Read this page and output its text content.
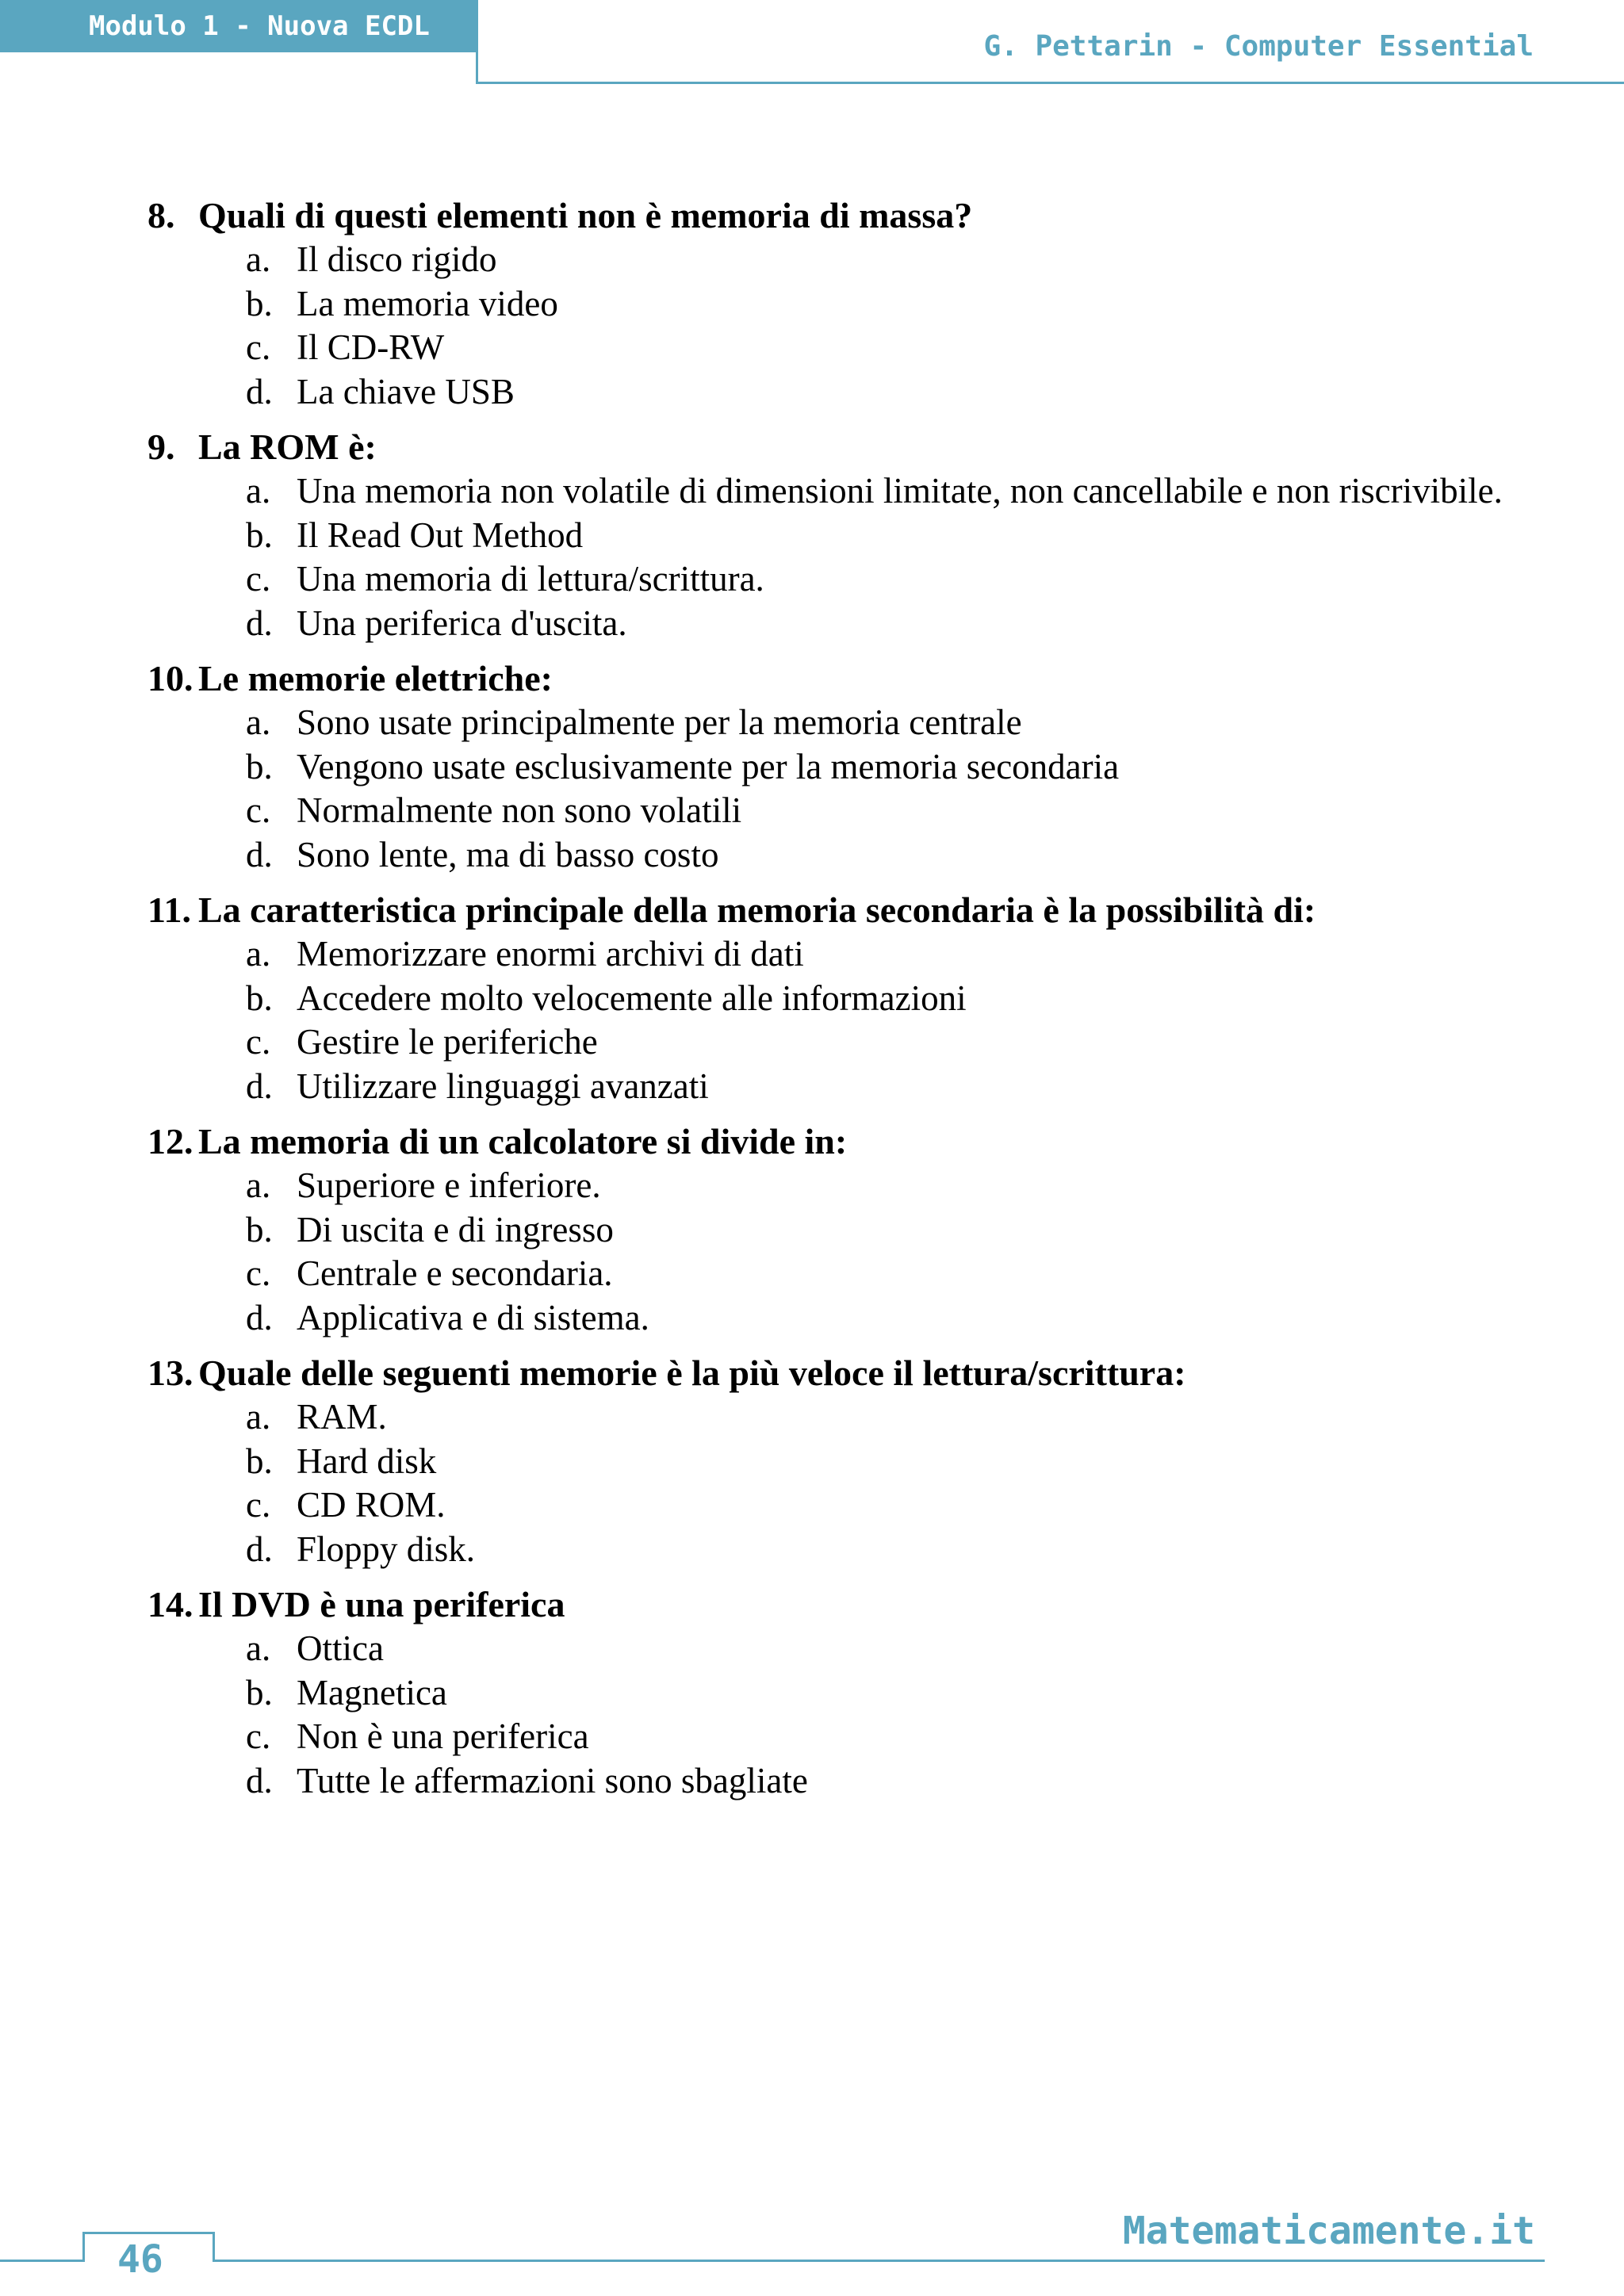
Modulo 1 - Nuova ECDL
G. Pettarin - Computer Essential
8. Quali di questi elementi non è memoria di massa?
a. Il disco rigido
b. La memoria video
c. Il CD-RW
d. La chiave USB
9. La ROM è:
a. Una memoria non volatile di dimensioni limitate, non cancellabile e non riscrivibile.
b. Il Read Out Method
c. Una memoria di lettura/scrittura.
d. Una periferica d'uscita.
10. Le memorie elettriche:
a. Sono usate principalmente per la memoria centrale
b. Vengono usate esclusivamente per la memoria secondaria
c. Normalmente non sono volatili
d. Sono lente, ma di basso costo
11. La caratteristica principale della memoria secondaria è la possibilità di:
a. Memorizzare enormi archivi di dati
b. Accedere molto velocemente alle informazioni
c. Gestire le periferiche
d. Utilizzare linguaggi avanzati
12. La memoria di un calcolatore si divide in:
a. Superiore e inferiore.
b. Di uscita e di ingresso
c. Centrale e secondaria.
d. Applicativa e di sistema.
13. Quale delle seguenti memorie è la più veloce il lettura/scrittura:
a. RAM.
b. Hard disk
c. CD ROM.
d. Floppy disk.
14. Il DVD è una periferica
a. Ottica
b. Magnetica
c. Non è una periferica
d. Tutte le affermazioni sono sbagliate
Matematicamente.it
46
